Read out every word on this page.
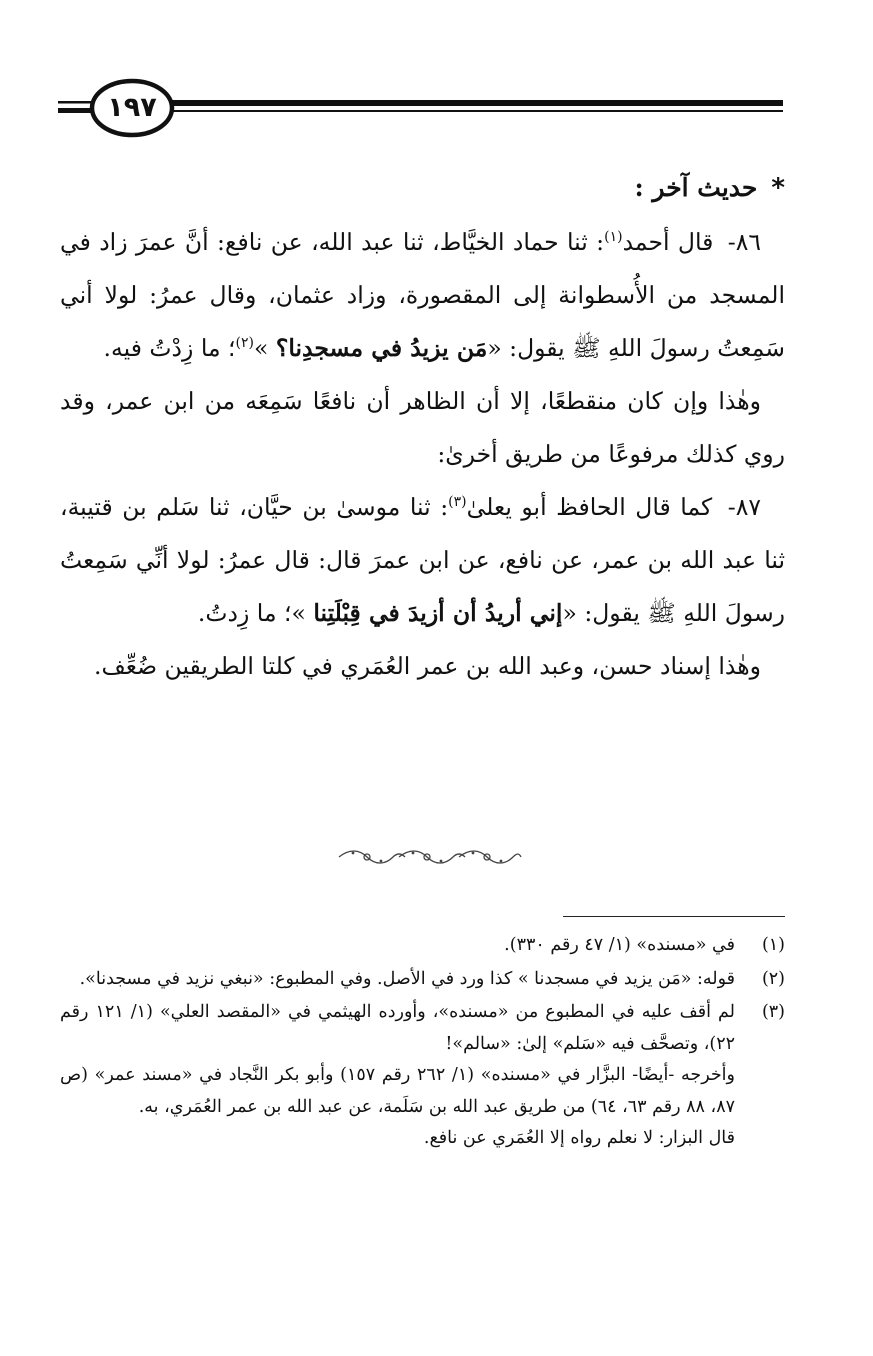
١٩٧

*حديث آخر :

٨٦- قال أحمد$^{(١)}$: ثنا حماد الخيَّاط، ثنا عبد الله، عن نافع: أنَّ عمرَ زاد في المسجد من الأُسطوانة إلى المقصورة، وزاد عثمان، وقال عمرُ: لولا أني سَمِعتُ رسولَ اللهِ ﷺ يقول: «مَن يزيدُ في مسجدِنا؟ »$^{(٢)}$؛ ما زِدْتُ فيه.

وهٰذا وإن كان منقطعًا، إلا أن الظاهر أن نافعًا سَمِعَه من ابن عمر، وقد روي كذلك مرفوعًا من طريق أخرىٰ:

٨٧- كما قال الحافظ أبو يعلىٰ$^{(٣)}$: ثنا موسىٰ بن حيَّان، ثنا سَلم بن قتيبة، ثنا عبد الله بن عمر، عن نافع، عن ابن عمرَ قال: قال عمرُ: لولا أنِّي سَمِعتُ رسولَ اللهِ ﷺ يقول: «إني أريدُ أن أزيدَ في قِبْلَتِنا »؛ ما زِدتُ.

وهٰذا إسناد حسن، وعبد الله بن عمر العُمَري في كلتا الطريقين ضُعِّف.

(١)

في «مسنده» (١/ ٤٧ رقم ٣٣٠).

(٢)

قوله: «مَن يزيد في مسجدنا » كذا ورد في الأصل. وفي المطبوع: «نبغي نزيد في مسجدنا».

(٣)

لم أقف عليه في المطبوع من «مسنده»، وأورده الهيثمي في «المقصد العلي» (١/ ١٢١ رقم ٢٢)، وتصحَّف فيه «سَلم» إلىٰ: «سالم»!

وأخرجه -أيضًا- البزَّار في «مسنده» (١/ ٢٦٢ رقم ١٥٧) وأبو بكر النَّجاد في «مسند عمر» (ص ٨٧، ٨٨ رقم ٦٣، ٦٤) من طريق عبد الله بن سَلَمة، عن عبد الله بن عمر العُمَري، به.

قال البزار: لا نعلم رواه إلا العُمَري عن نافع.
